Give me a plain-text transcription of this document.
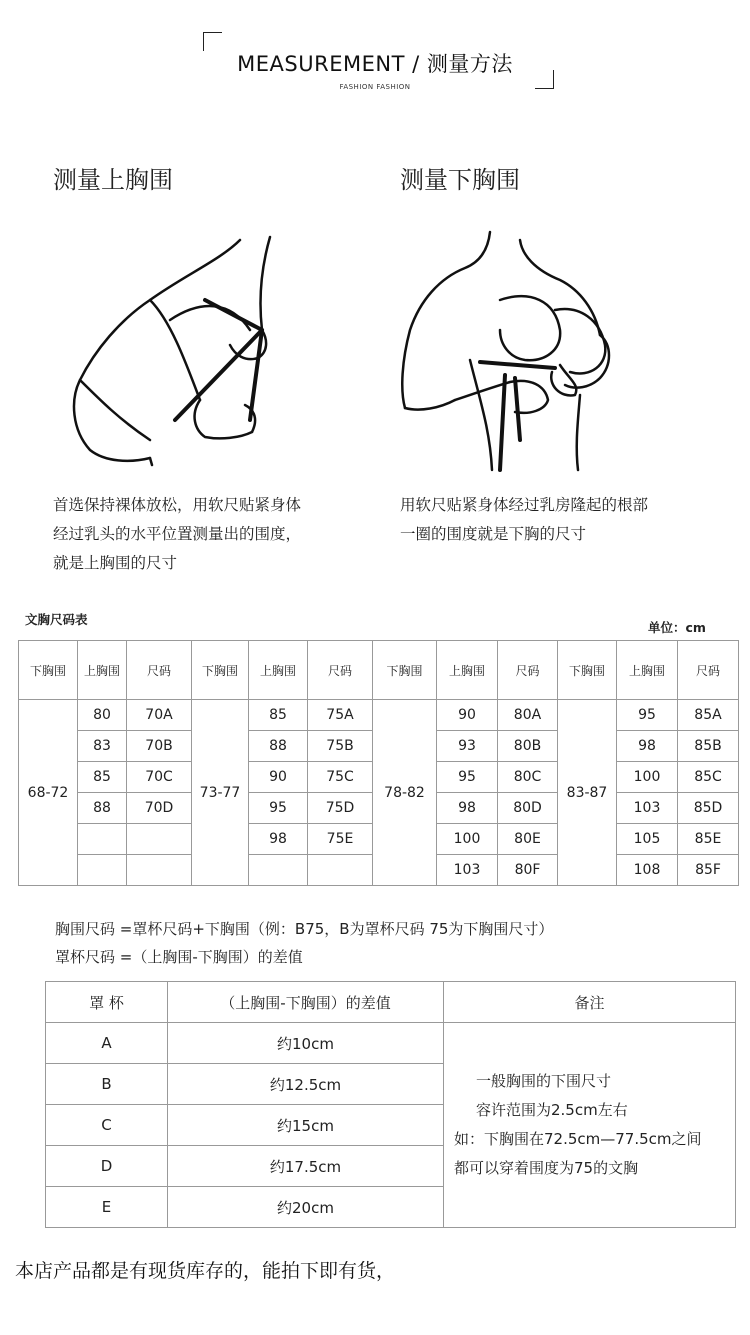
MEASUREMENT / 测量方法
FASHION FASHION
测量上胸围	测量下胸围
首选保持裸体放松，用软尺贴紧身体
经过乳头的水平位置测量出的围度，
就是上胸围的尺寸
用软尺贴紧身体经过乳房隆起的根部
一圈的围度就是下胸的尺寸
文胸尺码表
单位：cm
下胸围	上胸围	尺码	下胸围	上胸围	尺码	下胸围	上胸围	尺码	下胸围	上胸围	尺码
68-72	80	70A	73-77	85	75A	78-82	90	80A	83-87	95	85A
	83	70B		88	75B		93	80B		98	85B
	85	70C		90	75C		95	80C		100	85C
	88	70D		95	75D		98	80D		103	85D
				98	75E		100	80E		105	85E
							103	80F		108	85F
胸围尺码 =罩杯尺码+下胸围（例：B75，B为罩杯尺码 75为下胸围尺寸）
罩杯尺码 =（上胸围-下胸围）的差值
罩 杯	（上胸围-下胸围）的差值	备注
A	约10cm	一般胸围的下围尺寸
容许范围为2.5cm左右
如：下胸围在72.5cm—77.5cm之间
都可以穿着围度为75的文胸

B	约12.5cm	
C	约15cm	
D	约17.5cm	
E	约20cm	
本店产品都是有现货库存的，能拍下即有货，
